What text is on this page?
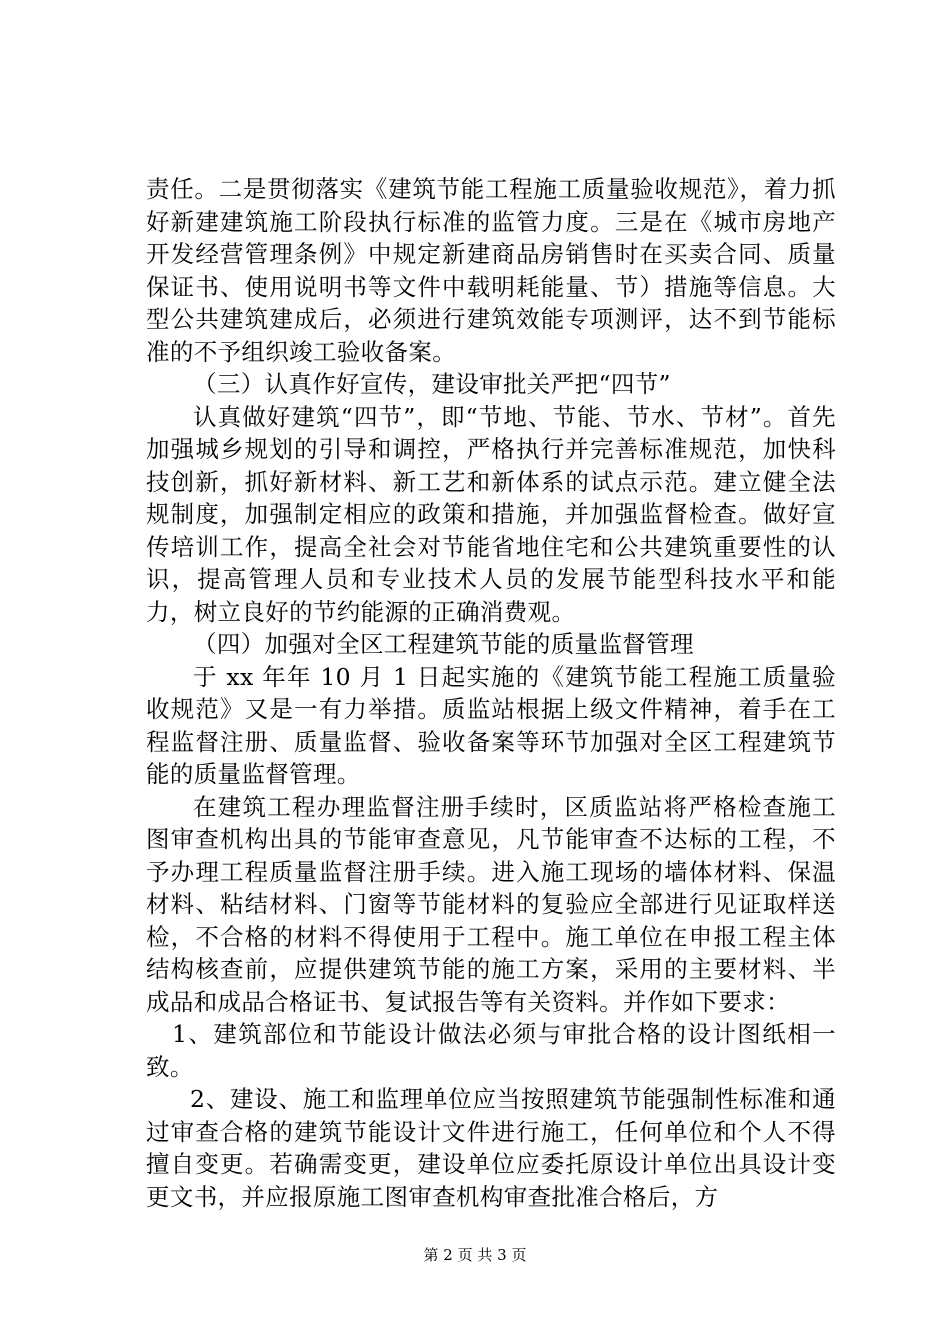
责任。二是贯彻落实《建筑节能工程施工质量验收规范》，着力抓好新建建筑施工阶段执行标准的监管力度。三是在《城市房地产开发经营管理条例》中规定新建商品房销售时在买卖合同、质量保证书、使用说明书等文件中载明耗能量、节）措施等信息。大型公共建筑建成后，必须进行建筑效能专项测评，达不到节能标准的不予组织竣工验收备案。

（三）认真作好宣传，建设审批关严把“四节”

认真做好建筑“四节”，即“节地、节能、节水、节材”。首先加强城乡规划的引导和调控，严格执行并完善标准规范，加快科技创新，抓好新材料、新工艺和新体系的试点示范。建立健全法规制度，加强制定相应的政策和措施，并加强监督检查。做好宣传培训工作，提高全社会对节能省地住宅和公共建筑重要性的认识，提高管理人员和专业技术人员的发展节能型科技水平和能力，树立良好的节约能源的正确消费观。

（四）加强对全区工程建筑节能的质量监督管理

于 xx 年年 10 月 1 日起实施的《建筑节能工程施工质量验收规范》又是一有力举措。质监站根据上级文件精神，着手在工程监督注册、质量监督、验收备案等环节加强对全区工程建筑节能的质量监督管理。

在建筑工程办理监督注册手续时，区质监站将严格检查施工图审查机构出具的节能审查意见，凡节能审查不达标的工程，不予办理工程质量监督注册手续。进入施工现场的墙体材料、保温材料、粘结材料、门窗等节能材料的复验应全部进行见证取样送检，不合格的材料不得使用于工程中。施工单位在申报工程主体结构核查前，应提供建筑节能的施工方案，采用的主要材料、半成品和成品合格证书、复试报告等有关资料。并作如下要求：

1、建筑部位和节能设计做法必须与审批合格的设计图纸相一致。

2、建设、施工和监理单位应当按照建筑节能强制性标准和通过审查合格的建筑节能设计文件进行施工，任何单位和个人不得擅自变更。若确需变更，建设单位应委托原设计单位出具设计变更文书，并应报原施工图审查机构审查批准合格后，方

第 2 页 共 3 页
